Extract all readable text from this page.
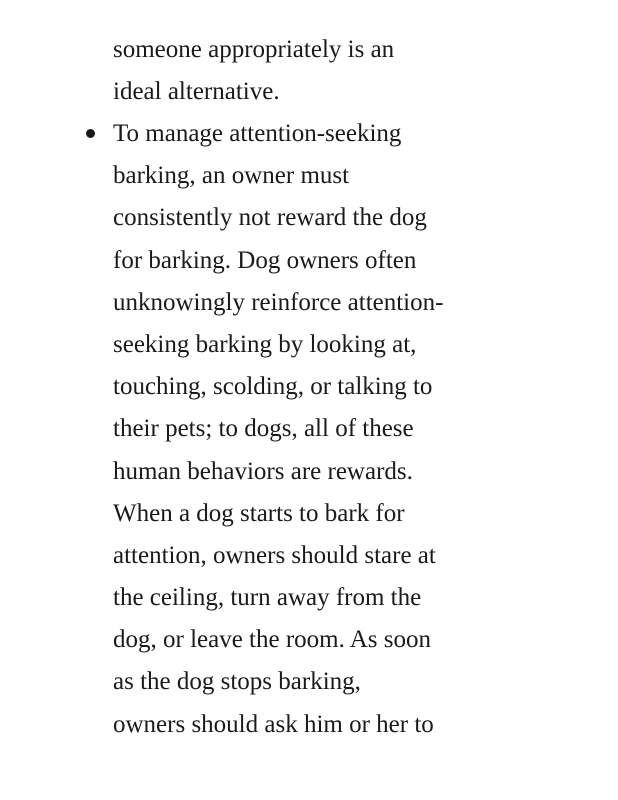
someone appropriately is an
ideal alternative.
To manage attention-seeking
barking, an owner must
consistently not reward the dog
for barking. Dog owners often
unknowingly reinforce attention-
seeking barking by looking at,
touching, scolding, or talking to
their pets; to dogs, all of these
human behaviors are rewards.
When a dog starts to bark for
attention, owners should stare at
the ceiling, turn away from the
dog, or leave the room. As soon
as the dog stops barking,
owners should ask him or her to
